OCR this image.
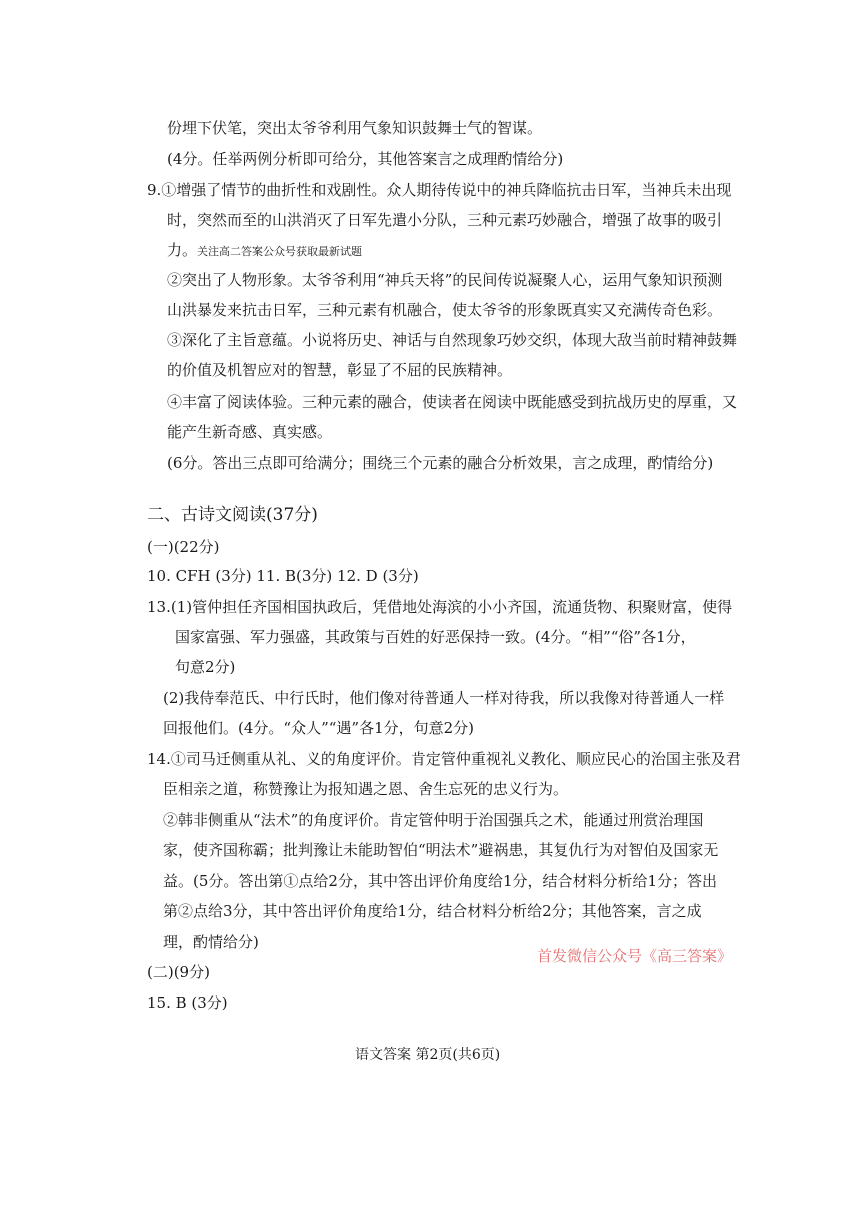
份埋下伏笔，突出太爷爷利用气象知识鼓舞士气的智谋。
(4分。任举两例分析即可给分，其他答案言之成理酌情给分)
9.①增强了情节的曲折性和戏剧性。众人期待传说中的神兵降临抗击日军，当神兵未出现
时，突然而至的山洪消灭了日军先遣小分队，三种元素巧妙融合，增强了故事的吸引
力。关注高二答案公众号获取最新试题
②突出了人物形象。太爷爷利用“神兵天将”的民间传说凝聚人心，运用气象知识预测
山洪暴发来抗击日军，三种元素有机融合，使太爷爷的形象既真实又充满传奇色彩。
③深化了主旨意蕴。小说将历史、神话与自然现象巧妙交织，体现大敌当前时精神鼓舞
的价值及机智应对的智慧，彰显了不屈的民族精神。
④丰富了阅读体验。三种元素的融合，使读者在阅读中既能感受到抗战历史的厚重，又
能产生新奇感、真实感。
(6分。答出三点即可给满分；围绕三个元素的融合分析效果，言之成理，酌情给分)
二、古诗文阅读(37分)
(一)(22分)
10. CFH (3分) 11. B(3分) 12. D (3分)
13.(1)管仲担任齐国相国执政后，凭借地处海滨的小小齐国，流通货物、积聚财富，使得
国家富强、军力强盛，其政策与百姓的好恶保持一致。(4分。“相”“俗”各1分，
句意2分)
(2)我侍奉范氏、中行氏时，他们像对待普通人一样对待我，所以我像对待普通人一样
回报他们。(4分。“众人”“遇”各1分，句意2分)
14.①司马迁侧重从礼、义的角度评价。肯定管仲重视礼义教化、顺应民心的治国主张及君
臣相亲之道，称赞豫让为报知遇之恩、舍生忘死的忠义行为。
②韩非侧重从“法术”的角度评价。肯定管仲明于治国强兵之术，能通过刑赏治理国
家，使齐国称霸；批判豫让未能助智伯“明法术”避祸患，其复仇行为对智伯及国家无
益。(5分。答出第①点给2分，其中答出评价角度给1分，结合材料分析给1分；答出
第②点给3分，其中答出评价角度给1分，结合材料分析给2分；其他答案，言之成
理，酌情给分)
(二)(9分)
15. B (3分)
首发微信公众号《高三答案》
语文答案 第2页(共6页)
